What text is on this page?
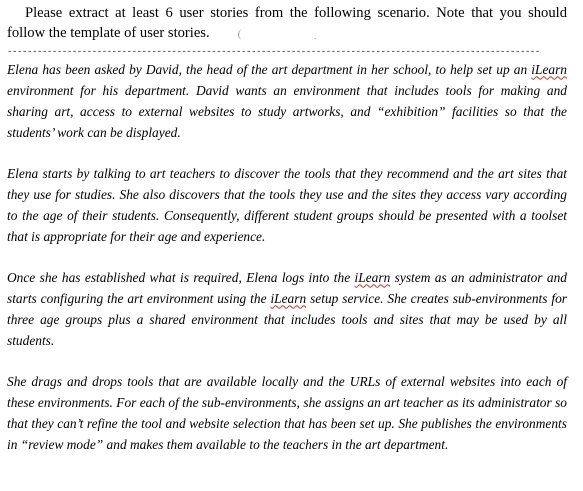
Please extract at least 6 user stories from the following scenario. Note that you should follow the template of user stories.	(	ˎ

-----------------------------------------------------------------------------------------------------------

Elena has been asked by David, the head of the art department in her school, to help set up an iLearn environment for his department. David wants an environment that includes tools for making and sharing art, access to external websites to study artworks, and “exhibition” facilities so that the students’ work can be displayed.

Elena starts by talking to art teachers to discover the tools that they recommend and the art sites that they use for studies. She also discovers that the tools they use and the sites they access vary according to the age of their students. Consequently, different student groups should be presented with a toolset that is appropriate for their age and experience.

Once she has established what is required, Elena logs into the iLearn system as an administrator and starts configuring the art environment using the iLearn setup service. She creates sub-environments for three age groups plus a shared environment that includes tools and sites that may be used by all students.

She drags and drops tools that are available locally and the URLs of external websites into each of these environments. For each of the sub-environments, she assigns an art teacher as its administrator so that they can’t refine the tool and website selection that has been set up. She publishes the environments in “review mode” and makes them available to the teachers in the art department.
